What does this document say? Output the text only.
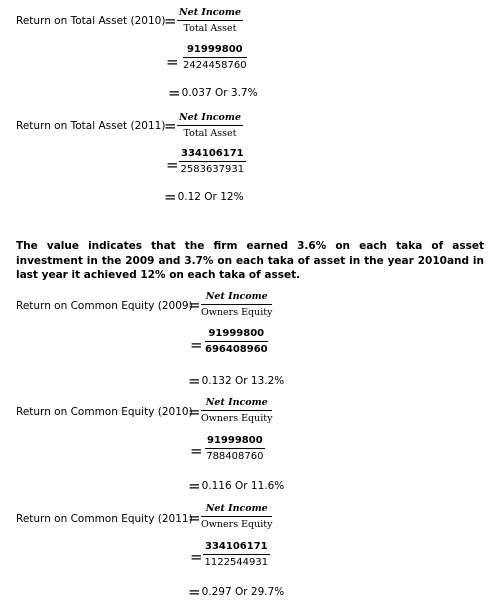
Return on Total Asset (2010)
= Net Income
Total Asset
= $\frac{91999800}{2424458760}$
=0.037 Or 3.7%
Return on Total Asset (2011)
= Net Income
Total Asset
= $\frac{334106171}{2583637931}$
=0.12 Or 12%

The value indicates that the firm earned 3.6% on each taka of asset investment in the 2009 and 3.7% on each taka of asset in the year 2010and in last year it achieved 12% on each taka of asset.

Return on Common Equity (2009)
= Net Income
Owners Equity
= $\frac{91999800}{696408960}$
=0.132 Or 13.2%
Return on Common Equity (2010)
=
Net Income
Owners Equity
= $\frac{91999800}{788408760}$
=0.116 Or 11.6%
Return on Common Equity (2011)
=
Net Income
Owners Equity
= $\frac{334106171}{1122544931}$
=0.297 Or 29.7%
